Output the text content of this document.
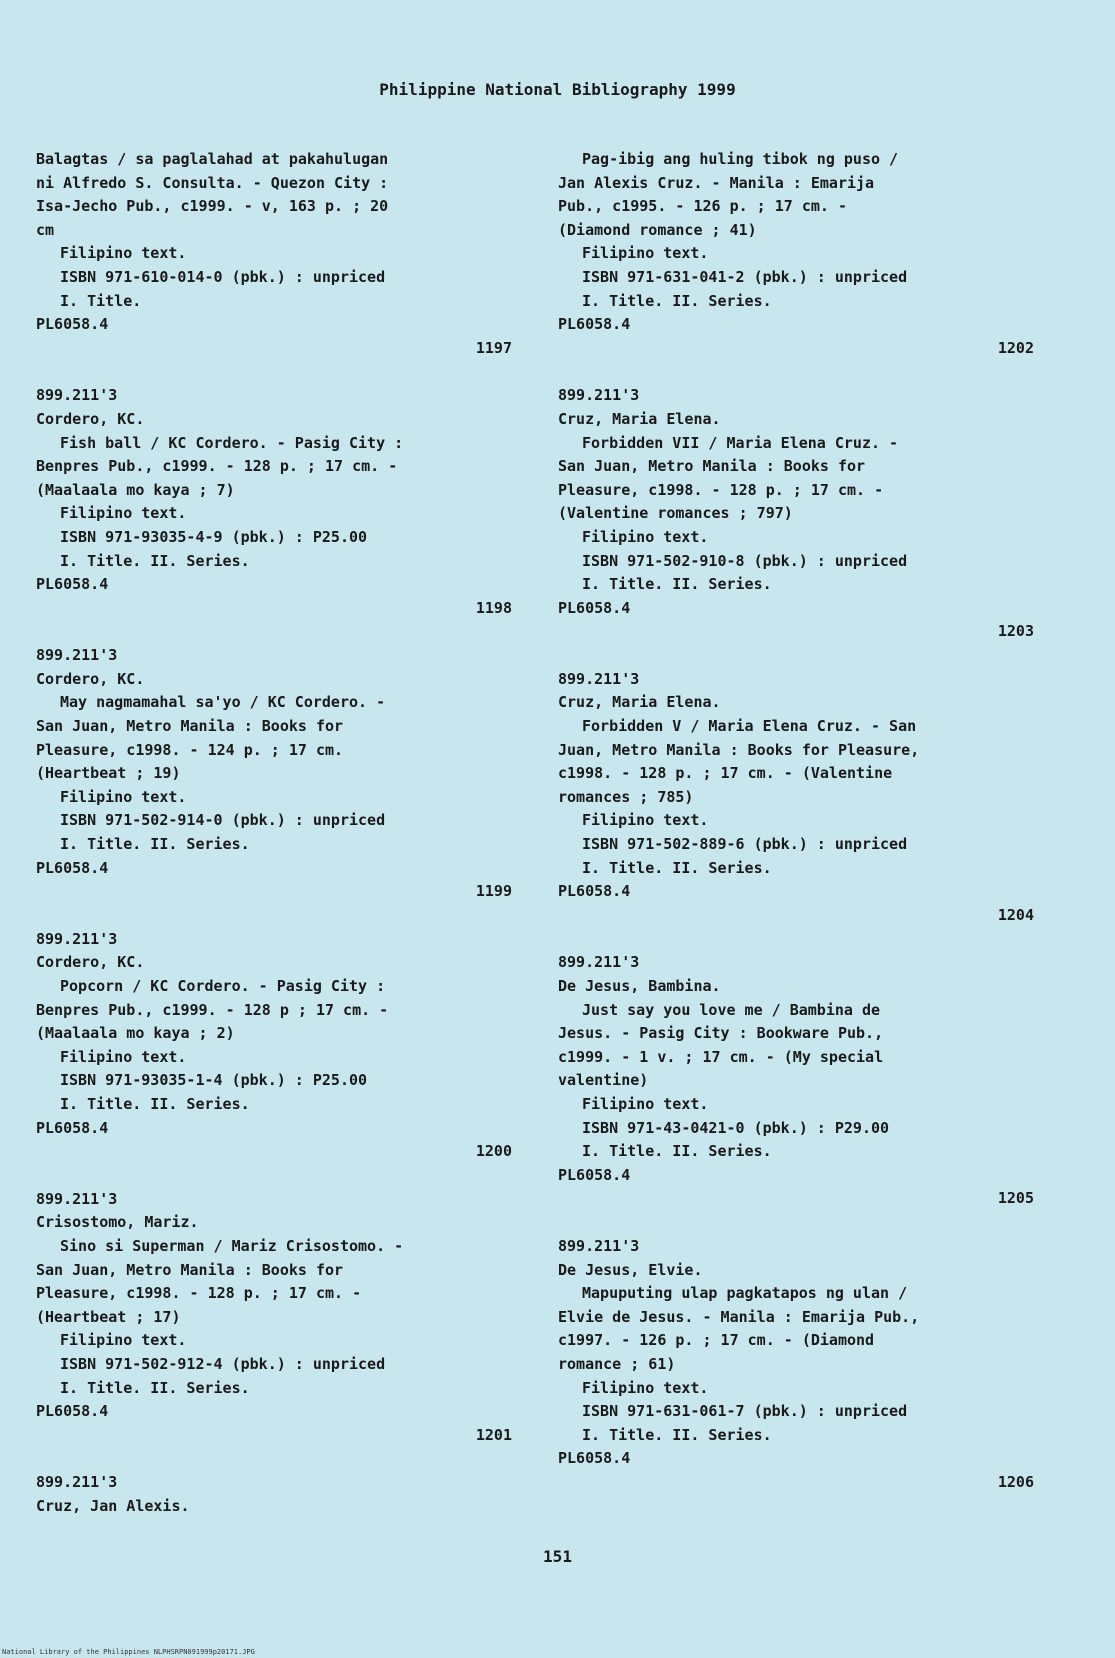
Philippine National Bibliography 1999
Balagtas / sa paglalahad at pakahulugan
ni Alfredo S. Consulta. - Quezon City :
Isa-Jecho Pub., c1999. - v, 163 p. ; 20
cm
Filipino text.
ISBN 971-610-014-0 (pbk.) : unpriced
I. Title.
PL6058.4
1197
899.211'3
Cordero, KC.
Fish ball / KC Cordero. - Pasig City :
Benpres Pub., c1999. - 128 p. ; 17 cm. -
(Maalaala mo kaya ; 7)
Filipino text.
ISBN 971-93035-4-9 (pbk.) : P25.00
I. Title. II. Series.
PL6058.4
1198
899.211'3
Cordero, KC.
May nagmamahal sa'yo / KC Cordero. -
San Juan, Metro Manila : Books for
Pleasure, c1998. - 124 p. ; 17 cm.
(Heartbeat ; 19)
Filipino text.
ISBN 971-502-914-0 (pbk.) : unpriced
I. Title. II. Series.
PL6058.4
1199
899.211'3
Cordero, KC.
Popcorn / KC Cordero. - Pasig City :
Benpres Pub., c1999. - 128 p ; 17 cm. -
(Maalaala mo kaya ; 2)
Filipino text.
ISBN 971-93035-1-4 (pbk.) : P25.00
I. Title. II. Series.
PL6058.4
1200
899.211'3
Crisostomo, Mariz.
Sino si Superman / Mariz Crisostomo. -
San Juan, Metro Manila : Books for
Pleasure, c1998. - 128 p. ; 17 cm. -
(Heartbeat ; 17)
Filipino text.
ISBN 971-502-912-4 (pbk.) : unpriced
I. Title. II. Series.
PL6058.4
1201
899.211'3
Cruz, Jan Alexis.
Pag-ibig ang huling tibok ng puso /
Jan Alexis Cruz. - Manila : Emarija
Pub., c1995. - 126 p. ; 17 cm. -
(Diamond romance ; 41)
Filipino text.
ISBN 971-631-041-2 (pbk.) : unpriced
I. Title. II. Series.
PL6058.4
1202
899.211'3
Cruz, Maria Elena.
Forbidden VII / Maria Elena Cruz. -
San Juan, Metro Manila : Books for
Pleasure, c1998. - 128 p. ; 17 cm. -
(Valentine romances ; 797)
Filipino text.
ISBN 971-502-910-8 (pbk.) : unpriced
I. Title. II. Series.
PL6058.4
1203
899.211'3
Cruz, Maria Elena.
Forbidden V / Maria Elena Cruz. - San
Juan, Metro Manila : Books for Pleasure,
c1998. - 128 p. ; 17 cm. - (Valentine
romances ; 785)
Filipino text.
ISBN 971-502-889-6 (pbk.) : unpriced
I. Title. II. Series.
PL6058.4
1204
899.211'3
De Jesus, Bambina.
Just say you love me / Bambina de
Jesus. - Pasig City : Bookware Pub.,
c1999. - 1 v. ; 17 cm. - (My special
valentine)
Filipino text.
ISBN 971-43-0421-0 (pbk.) : P29.00
I. Title. II. Series.
PL6058.4
1205
899.211'3
De Jesus, Elvie.
Mapuputing ulap pagkatapos ng ulan /
Elvie de Jesus. - Manila : Emarija Pub.,
c1997. - 126 p. ; 17 cm. - (Diamond
romance ; 61)
Filipino text.
ISBN 971-631-061-7 (pbk.) : unpriced
I. Title. II. Series.
PL6058.4
1206
151
National Library of the Philippines NLPHSRPN091999p20171.JPG
